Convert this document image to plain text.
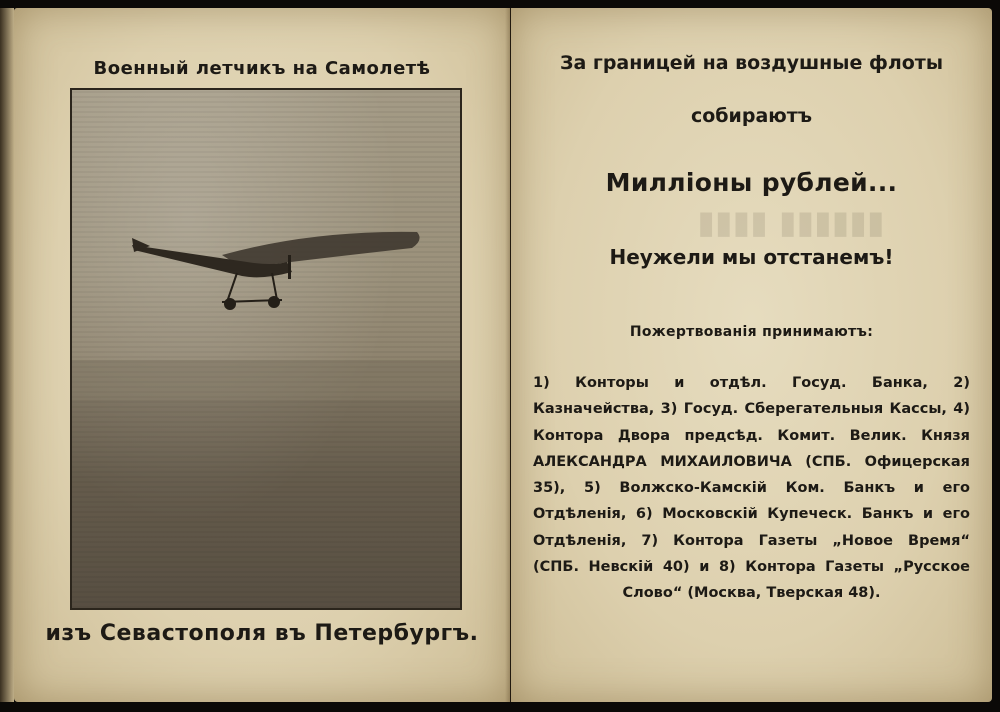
Военный летчикъ на Самолетѣ
изъ Севастополя въ Петербургъ.
▮▮▮▮▮▮ ▮▮▮▮
За границей на воздушные флоты
собираютъ
Милліоны рублей...
Неужели мы отстанемъ!
Пожертвованія принимаютъ:
1) Конторы и отдѣл. Госуд. Банка, 2) Казначейства, 3) Госуд. Сберегательныя Кассы, 4) Контора Двора предсѣд. Комит. Велик. Князя АЛЕКСАНДРА МИХАИЛОВИЧА (СПБ. Офицерская 35), 5) Волжско-Камскій Ком. Банкъ и его Отдѣленія, 6) Московскій Купеческ. Банкъ и его Отдѣленія, 7) Контора Газеты „Новое Время“ (СПБ. Невскій 40) и 8) Контора Газеты „Русское Слово“ (Москва, Тверская 48).
